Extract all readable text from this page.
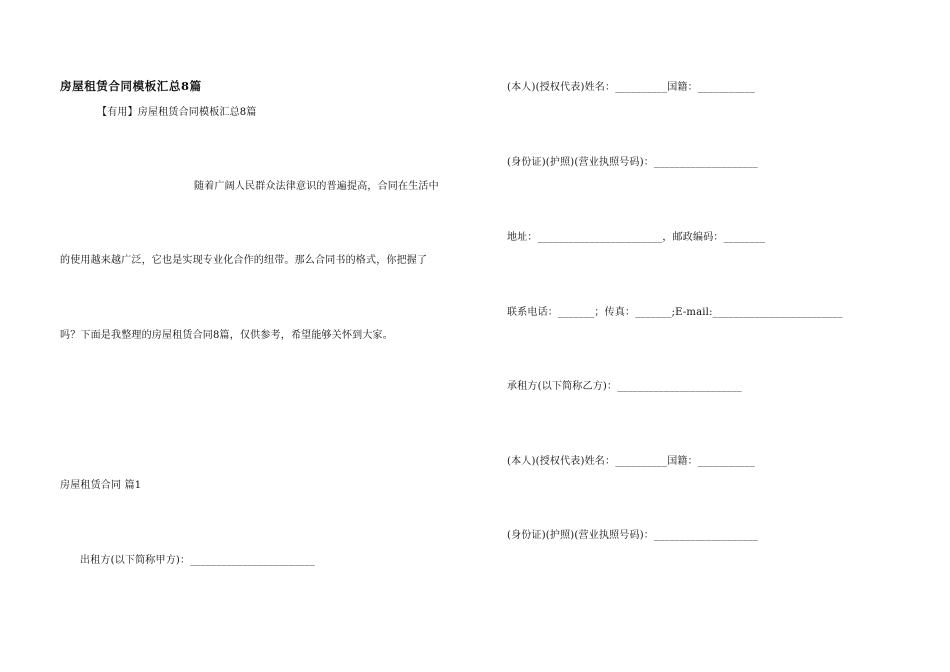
房屋租赁合同模板汇总8篇
【有用】房屋租赁合同模板汇总8篇
随着广阔人民群众法律意识的普遍提高，合同在生活中
的使用越来越广泛，它也是实现专业化合作的纽带。那么合同书的格式，你把握了
吗？下面是我整理的房屋租赁合同8篇，仅供参考，希望能够关怀到大家。
房屋租赁合同 篇1
出租方(以下简称甲方)：________________________
(本人)(授权代表)姓名：__________国籍：___________
(身份证)(护照)(营业执照号码)：____________________
地址：________________________，邮政编码：________
联系电话：_______；传真：_______;E-mail:_________________________
承租方(以下简称乙方)：________________________
(本人)(授权代表)姓名：__________国籍：___________
(身份证)(护照)(营业执照号码)：____________________
